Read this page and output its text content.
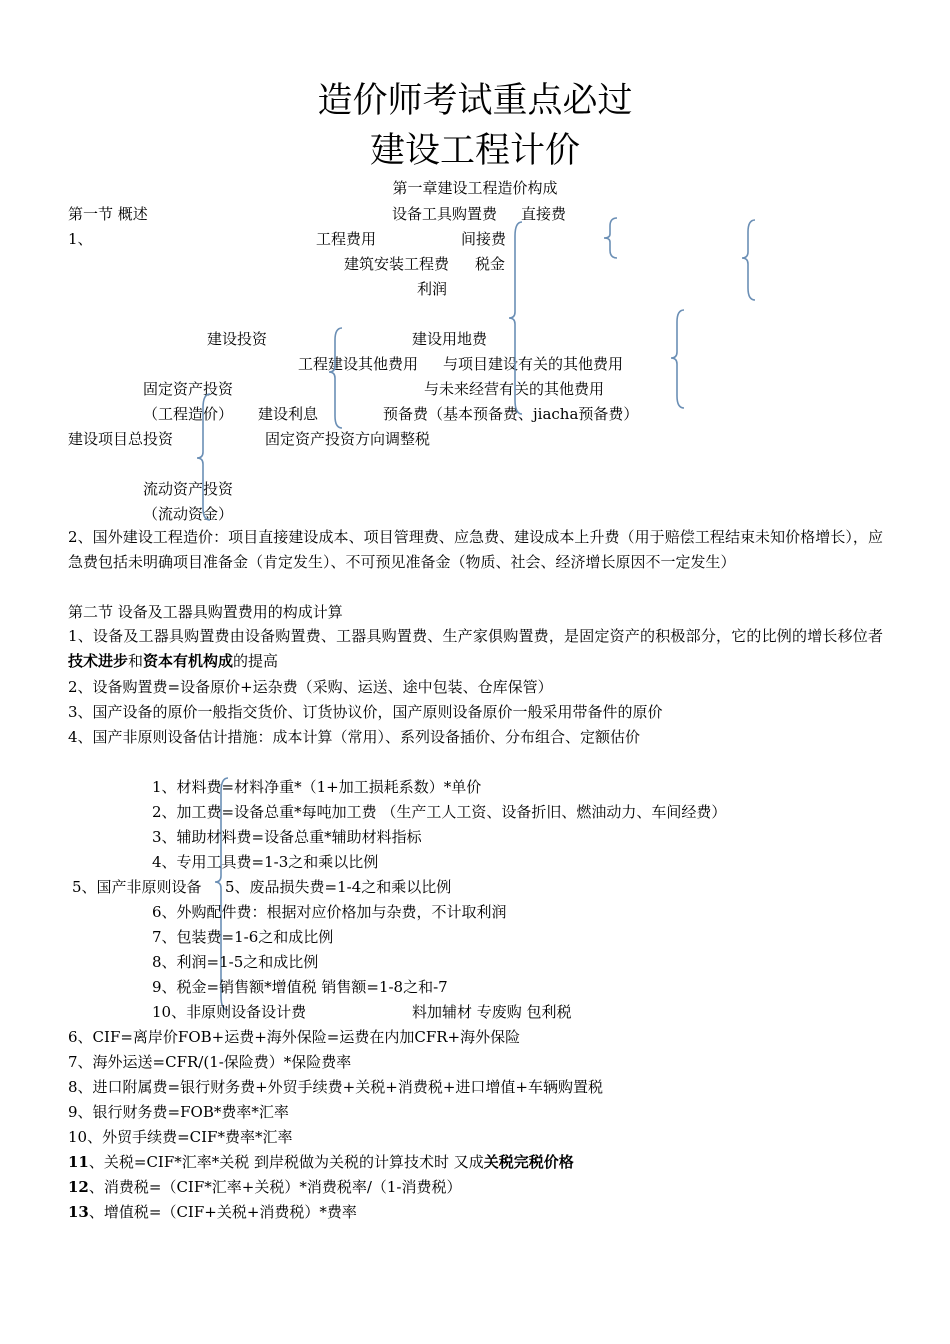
造价师考试重点必过
建设工程计价
第一章建设工程造价构成
第一节 概述	设备工具购置费 直接费
1、	工程费用	间接费
建筑安装工程费 税金
利润
建设投资	建设用地费
工程建设其他费用 与项目建设有关的其他费用
固定资产投资	与未来经营有关的其他费用
（工程造价） 建设利息	预备费（基本预备费、jiacha预备费）
建设项目总投资	固定资产投资方向调整税
流动资产投资
（流动资金）
2、国外建设工程造价：项目直接建设成本、项目管理费、应急费、建设成本上升费（用于赔偿工程结束未知价格增长），应急费包括未明确项目准备金（肯定发生）、不可预见准备金（物质、社会、经济增长原因不一定发生）
第二节 设备及工器具购置费用的构成计算
1、设备及工器具购置费由设备购置费、工器具购置费、生产家俱购置费，是固定资产的积极部分，它的比例的增长移位者技术进步和资本有机构成的提高
2、设备购置费=设备原价+运杂费（采购、运送、途中包装、仓库保管）
3、国产设备的原价一般指交货价、订货协议价，国产原则设备原价一般采用带备件的原价
4、国产非原则设备估计措施：成本计算（常用）、系列设备插价、分布组合、定额估价
1、材料费=材料净重*（1+加工损耗系数）*单价
2、加工费=设备总重*每吨加工费 （生产工人工资、设备折旧、燃油动力、车间经费）
3、辅助材料费=设备总重*辅助材料指标
4、专用工具费=1-3之和乘以比例
5、国产非原则设备 5、废品损失费=1-4之和乘以比例
6、外购配件费：根据对应价格加与杂费，不计取利润
7、包装费=1-6之和成比例
8、利润=1-5之和成比例
9、税金=销售额*增值税 销售额=1-8之和-7
10、非原则设备设计费	料加辅材 专废购 包利税
6、CIF=离岸价FOB+运费+海外保险=运费在内加CFR+海外保险
7、海外运送=CFR/(1-保险费）*保险费率
8、进口附属费=银行财务费+外贸手续费+关税+消费税+进口增值+车辆购置税
9、银行财务费=FOB*费率*汇率
10、外贸手续费=CIF*费率*汇率
11、关税=CIF*汇率*关税 到岸税做为关税的计算技术时 又成关税完税价格
12、消费税=（CIF*汇率+关税）*消费税率/（1-消费税）
13、增值税=（CIF+关税+消费税）*费率
